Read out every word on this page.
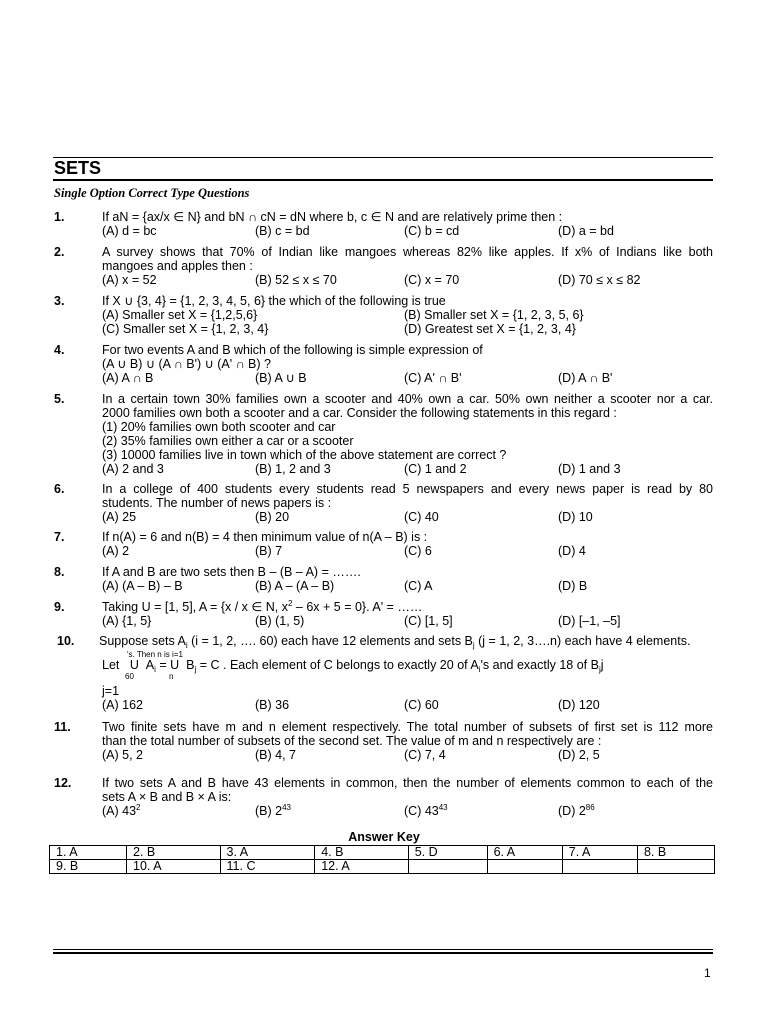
SETS
Single Option Correct Type Questions
1.	If aN = {ax/x ∈ N} and bN ∩ cN = dN where b, c ∈ N and are relatively prime then :
(A) d = bc	(B) c = bd	(C) b = cd	(D) a = bd
2.	A survey shows that 70% of Indian like mangoes whereas 82% like apples. If x% of Indians like both
mangoes and apples then :
(A) x = 52	(B) 52 ≤ x ≤ 70	(C) x = 70	(D) 70 ≤ x ≤ 82
3.	If X ∪ {3, 4} = {1, 2, 3, 4, 5, 6} the which of the following is true
(A) Smaller set X = {1,2,5,6}	(B) Smaller set X = {1, 2, 3, 5, 6}
(C) Smaller set X = {1, 2, 3, 4}	(D) Greatest set X = {1, 2, 3, 4}
4.	For two events A and B which of the following is simple expression of
(A ∪ B) ∪ (A ∩ B') ∪ (A' ∩ B) ?
(A) A ∩ B	(B) A ∪ B	(C) A' ∩ B'	(D) A ∩ B'
5.	In a certain town 30% families own a scooter and 40% own a car. 50% own neither a scooter nor a car.
2000 families own both a scooter and a car. Consider the following statements in this regard :
(1) 20% families own both scooter and car
(2) 35% families own either a car or a scooter
(3) 10000 families live in town which of the above statement are correct ?
(A) 2 and 3	(B) 1, 2 and 3	(C) 1 and 2	(D) 1 and 3
6.	In a college of 400 students every students read 5 newspapers and every news paper is read by 80
students. The number of news papers is :
(A) 25	(B) 20	(C) 40	(D) 10
7.	If n(A) = 6 and n(B) = 4 then minimum value of n(A – B) is :
(A) 2	(B) 7	(C) 6	(D) 4
8.	If A and B are two sets then B – (B – A) = …….
(A) (A – B) – B	(B) A – (A – B)	(C) A	(D) B
9.	Taking U = [1, 5], A = {x / x ∈ N, $x^2 - 6x + 5 = 0$}. A' = ……
(A) {1, 5}	(B) (1, 5)	(C) [1, 5]	(D) [–1, –5]
10.	Suppose sets $A_i$ (i = 1, 2, …. 60) each have 12 elements and sets $B_j$ (j = 1, 2, 3….n) each have 4 elements.
's. Then n is i=1
Let U $A_i = U$ $B_j = C$ . Each element of C belongs to exactly 20 of $A_i's$ and exactly 18 of $B_jj$
60	n
j=1
(A) 162	(B) 36	(C) 60	(D) 120
11.	Two finite sets have m and n element respectively. The total number of subsets of first set is 112 more
than the total number of subsets of the second set. The value of m and n respectively are :
(A) 5, 2	(B) 4, 7	(C) 7, 4	(D) 2, 5
12.	If two sets A and B have 43 elements in common, then the number of elements common to each of the
sets A × B and B × A is:
(A) $43^2$	(B) $2^{43}$	(C) $43^{43}$	(D) $2^{86}$
Answer Key
1. A	2. B	3. A	4. B	5. D	6. A	7. A	8. B
9. B	10. A	11. C	12. A				
1
